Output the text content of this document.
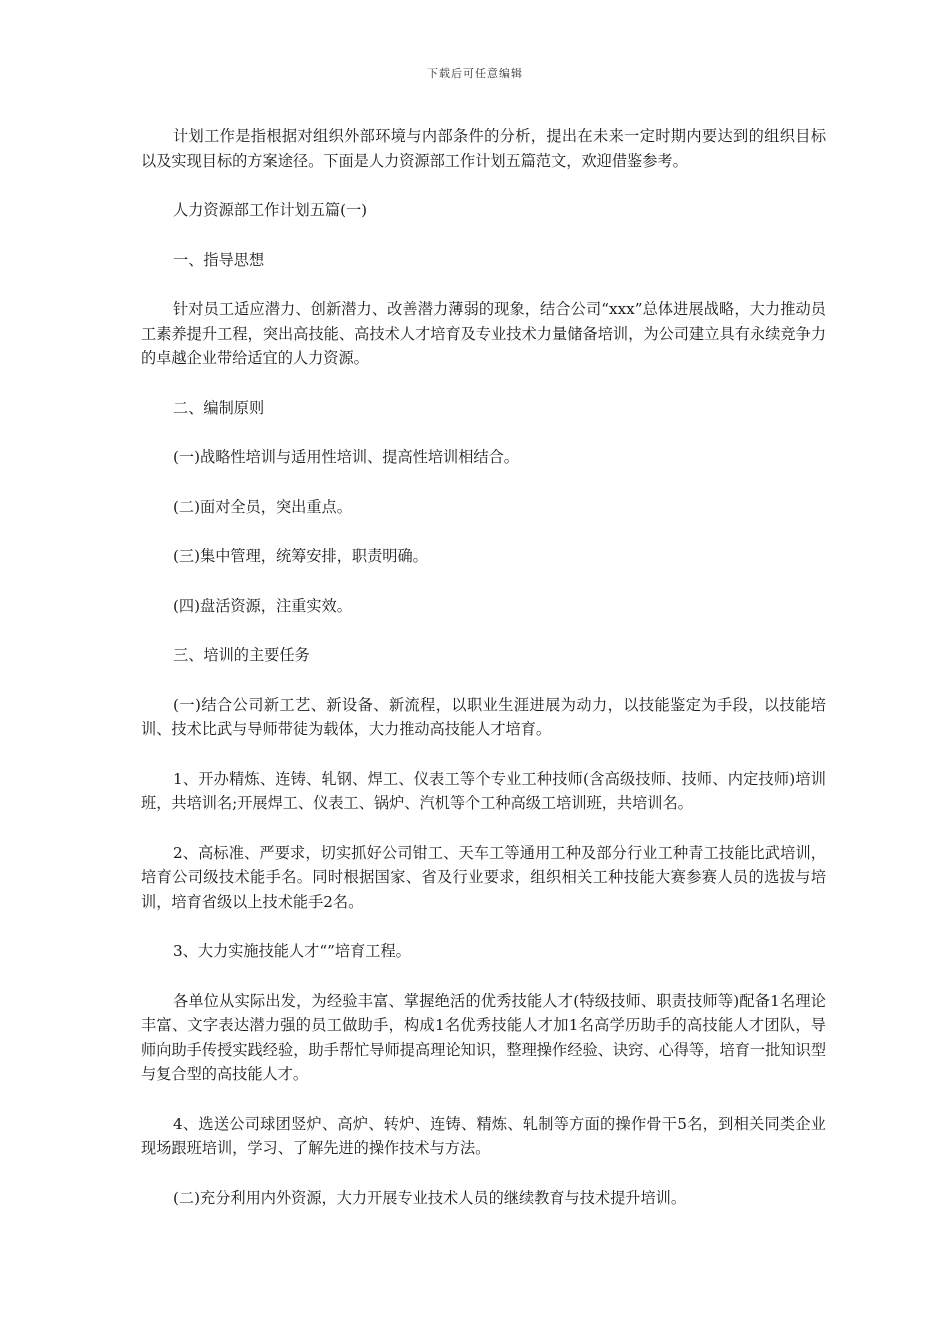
下载后可任意编辑

计划工作是指根据对组织外部环境与内部条件的分析，提出在未来一定时期内要达到的组织目标以及实现目标的方案途径。下面是人力资源部工作计划五篇范文，欢迎借鉴参考。

人力资源部工作计划五篇(一)

一、指导思想

针对员工适应潜力、创新潜力、改善潜力薄弱的现象，结合公司“xxx”总体进展战略，大力推动员工素养提升工程，突出高技能、高技术人才培育及专业技术力量储备培训，为公司建立具有永续竞争力的卓越企业带给适宜的人力资源。

二、编制原则

(一)战略性培训与适用性培训、提高性培训相结合。

(二)面对全员，突出重点。

(三)集中管理，统筹安排，职责明确。

(四)盘活资源，注重实效。

三、培训的主要任务

(一)结合公司新工艺、新设备、新流程，以职业生涯进展为动力，以技能鉴定为手段，以技能培训、技术比武与导师带徒为载体，大力推动高技能人才培育。

1、开办精炼、连铸、轧钢、焊工、仪表工等个专业工种技师(含高级技师、技师、内定技师)培训班，共培训名;开展焊工、仪表工、锅炉、汽机等个工种高级工培训班，共培训名。

2、高标准、严要求，切实抓好公司钳工、天车工等通用工种及部分行业工种青工技能比武培训，培育公司级技术能手名。同时根据国家、省及行业要求，组织相关工种技能大赛参赛人员的选拔与培训，培育省级以上技术能手2名。

3、大力实施技能人才“”培育工程。

各单位从实际出发，为经验丰富、掌握绝活的优秀技能人才(特级技师、职责技师等)配备1名理论丰富、文字表达潜力强的员工做助手，构成1名优秀技能人才加1名高学历助手的高技能人才团队，导师向助手传授实践经验，助手帮忙导师提高理论知识，整理操作经验、诀窍、心得等，培育一批知识型与复合型的高技能人才。

4、选送公司球团竖炉、高炉、转炉、连铸、精炼、轧制等方面的操作骨干5名，到相关同类企业现场跟班培训，学习、了解先进的操作技术与方法。

(二)充分利用内外资源，大力开展专业技术人员的继续教育与技术提升培训。
